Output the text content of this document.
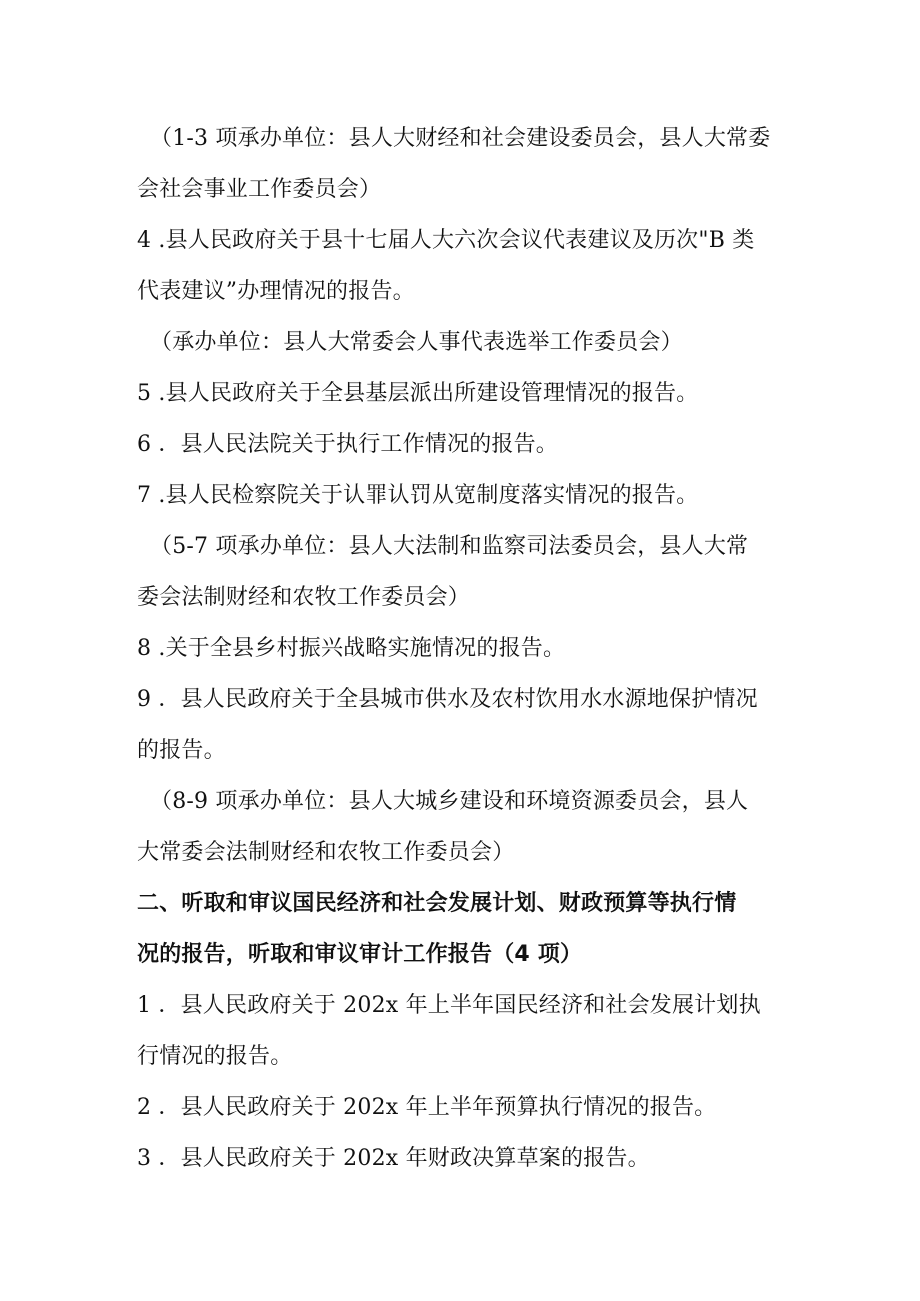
（1-3 项承办单位：县人大财经和社会建设委员会，县人大常委
会社会事业工作委员会）
4 .县人民政府关于县十七届人大六次会议代表建议及历次"B 类
代表建议”办理情况的报告。
（承办单位：县人大常委会人事代表选举工作委员会）
5 .县人民政府关于全县基层派出所建设管理情况的报告。
6 ．县人民法院关于执行工作情况的报告。
7 .县人民检察院关于认罪认罚从宽制度落实情况的报告。
（5-7 项承办单位：县人大法制和监察司法委员会，县人大常
委会法制财经和农牧工作委员会）
8 .关于全县乡村振兴战略实施情况的报告。
9 ．县人民政府关于全县城市供水及农村饮用水水源地保护情况
的报告。
（8-9 项承办单位：县人大城乡建设和环境资源委员会，县人
大常委会法制财经和农牧工作委员会）
二、听取和审议国民经济和社会发展计划、财政预算等执行情
况的报告，听取和审议审计工作报告（4 项）
1 ．县人民政府关于 202x 年上半年国民经济和社会发展计划执
行情况的报告。
2 ．县人民政府关于 202x 年上半年预算执行情况的报告。
3 ．县人民政府关于 202x 年财政决算草案的报告。
